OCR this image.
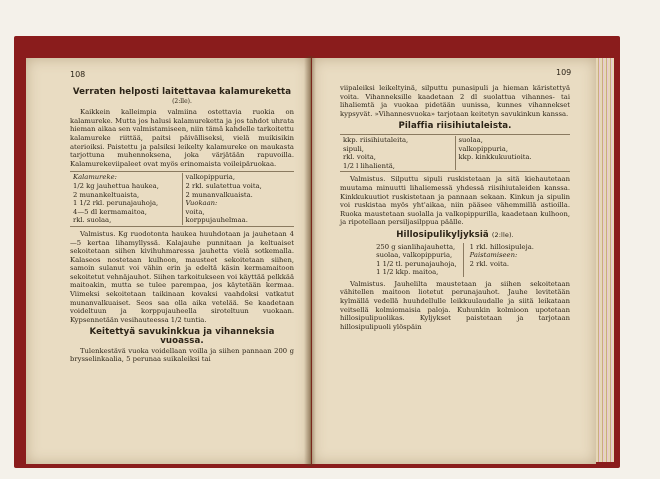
108	109
Verraten helposti laitettavaa kalamureketta
(2:lle).

Kaikkein kalleimpia valmiina ostettavia ruokia on kalamureke. Mutta jos halusi kalamureketta ja jos tahdot uhrata hieman aikaa sen valmistamiseen, niin tämä kahdelle tarkoitettu kalamureke riittää, paitsi päivälliseksi, vielä muikisikin aterioiksi. Paistettu ja palsiksi leikelty kalamureke on maukasta tarjottuna muhennoksena, joka värjätään rapuvoilla. Kalamurekeviipaleet ovat myös erinomaista voileipäruokaa.

Kalamureke:
1/2 kg jauhettua haukea,
2 munankeltuaista,
1 1/2 rkl. perunajauhoja,
4—5 dl kermamaitoa,
rkl. suolaa,
valkopippuria,
2 rkl. sulatettua voita,
2 munanvalkuaista.
Vuokaan:
voita,
korppujauhelmaa.

Valmistus. Kg ruodotonta haukea huuhdotaan ja jauhetaan 4—5 kertaa lihamyllyssä. Kalajauhe punnitaan ja keltuaiset sekoitetaan siihen kivihuhmaressa jauhetta vielä sotkemalla. Kalaseos nostetaan kulhoon, mausteet sekoitetaan siihen, samoin sulanut voi vähin erin ja edeltä käsin kermamaitoon sekoitetut vehnäjauhot. Siihen tarkoitukseen voi käyttää pelkkää maitoakin, mutta se tulee parempaa, jos käytetään kermaa. Viimeksi sekoitetaan taikinaan kovaksi vaahdoksi vatkatut munanvalkuaiset. Seos saa olla aika vetelää. Se kaadetaan voideltuun ja korppujauheella siroteltuun vuokaan. Kypsennetään vesihauteessa 1/2 tuntia.

Keitettyä savukinkkua ja vihanneksia vuoassa.

Tulenkestävä vuoka voidellaan voilla ja siihen pannaan 200 g brysselinkaalia, 5 perunaa suikaleiksi tai

viipaleiksi leikeltyinä, silputtu punasipuli ja hieman käristettyä voita. Vihanneksille kaadetaan 2 dl suolattua vihannes- tai lihaliemtä ja vuokaa pidetään uunissa, kunnes vihannekset kypsyvät. »Vihannesvuoka» tarjotaan keitetyn savukinkun kanssa.

Pilaffia riisihiutaleista.
kkp. riisihiutaleita,
sipuli,
rkl. voita,
1/2 l lihalientä,
suolaa,
valkopippuria,
kkp. kinkkukuutioita.

Valmistus. Silputtu sipuli ruskistetaan ja sitä kiehautetaan muutama minuutti lihaliemessä yhdessä riisihiutaleiden kanssa. Kinkkukuutiot ruskistetaan ja pannaan sekaan. Kinkun ja sipulin voi ruskistaa myös yht'aikaa, niin pääsee vähemmillä astioilla. Ruoka maustetaan suolalla ja valkopippurilla, kaadetaan kulhoon, ja ripotellaan persiljasilppua päälle.

Hillosipulikyljyksiä (2:lle).
250 g sianlihajauhetta,
suolaa, valkopippuria,
1 1/2 tl. perunajauhoja,
1 1/2 kkp. maitoa,
1 rkl. hillosipuleja.
Paistamiseen:
2 rkl. voita.

Valmistus. Jauhelilta maustetaan ja siihen sekoitetaan vähitellen maitoon liotetut perunajauhot. Jauhe levitetään kylmällä vedellä huuhdellulle leikkuulaudalle ja siitä leikataan veitsellä kolmiomaisia paloja. Kuhunkin kolmioon upotetaan hillosipulipuolikas. Kyljykset paistetaan ja tarjotaan hillosipulipuoli ylöspäin
